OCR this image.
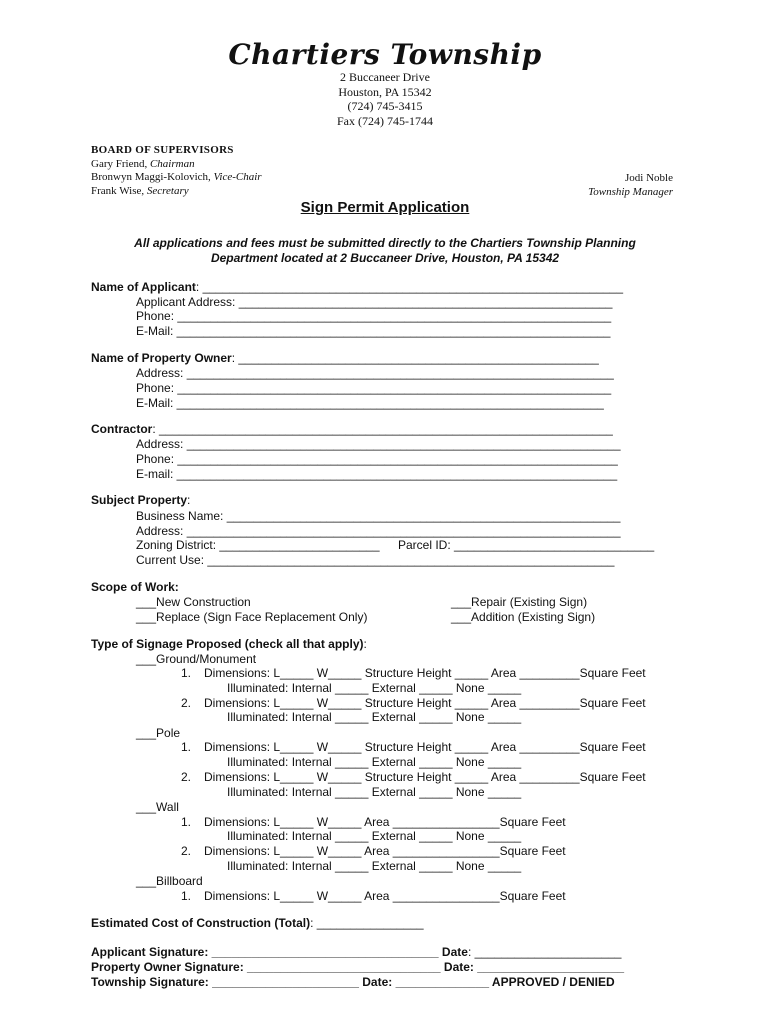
Chartiers Township
2 Buccaneer Drive
Houston, PA 15342
(724) 745-3415
Fax (724) 745-1744
BOARD OF SUPERVISORS
Gary Friend, Chairman
Bronwyn Maggi-Kolovich, Vice-Chair
Frank Wise, Secretary
Jodi Noble
Township Manager
Sign Permit Application
All applications and fees must be submitted directly to the Chartiers Township Planning
Department located at 2 Buccaneer Drive, Houston, PA 15342
Name of Applicant: _______________________________________________________________
Applicant Address: ________________________________________________________
Phone: _________________________________________________________________
E-Mail: _________________________________________________________________
Name of Property Owner: ______________________________________________________
Address: ________________________________________________________________
Phone: _________________________________________________________________
E-Mail: ________________________________________________________________
Contractor: ____________________________________________________________________
Address: _________________________________________________________________
Phone: __________________________________________________________________
E-mail: __________________________________________________________________
Subject Property:
Business Name: ___________________________________________________________
Address: _________________________________________________________________
Zoning District: ________________________ Parcel ID: ______________________________
Current Use: _____________________________________________________________
Scope of Work:
___New Construction
___Replace (Sign Face Replacement Only)
___Repair (Existing Sign)
___Addition (Existing Sign)
Type of Signage Proposed (check all that apply):
___Ground/Monument
1. Dimensions: L_____ W_____ Structure Height _____ Area _________Square Feet
Illuminated: Internal _____ External _____ None _____
2. Dimensions: L_____ W_____ Structure Height _____ Area _________Square Feet
Illuminated: Internal _____ External _____ None _____
___Pole
1. Dimensions: L_____ W_____ Structure Height _____ Area _________Square Feet
Illuminated: Internal _____ External _____ None _____
2. Dimensions: L_____ W_____ Structure Height _____ Area _________Square Feet
Illuminated: Internal _____ External _____ None _____
___Wall
1. Dimensions: L_____ W_____ Area ________________Square Feet
Illuminated: Internal _____ External _____ None _____
2. Dimensions: L_____ W_____ Area ________________Square Feet
Illuminated: Internal _____ External _____ None _____
___Billboard
1. Dimensions: L_____ W_____ Area ________________Square Feet
Estimated Cost of Construction (Total): ________________
Applicant Signature: __________________________________ Date: ______________________
Property Owner Signature: _____________________________ Date: ______________________
Township Signature: ______________________ Date: ______________ APPROVED / DENIED
